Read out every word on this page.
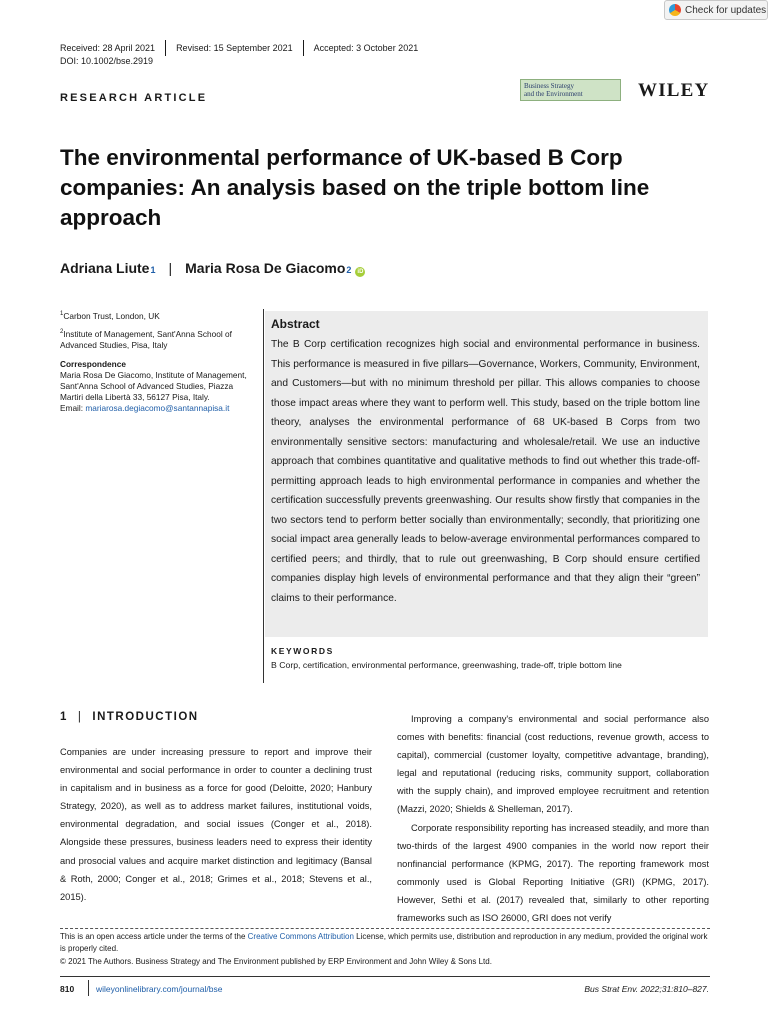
Check for updates
Received: 28 April 2021	Revised: 15 September 2021	Accepted: 3 October 2021
DOI: 10.1002/bse.2919
RESEARCH ARTICLE
Business Strategy
and the Environment	WILEY
The environmental performance of UK-based B Corp companies: An analysis based on the triple bottom line approach
Adriana Liute 1 | Maria Rosa De Giacomo 2	iD

$^1$Carbon Trust, London, UK

$^2$Institute of Management, Sant'Anna School of Advanced Studies, Pisa, Italy

Correspondence

Maria Rosa De Giacomo, Institute of Management, Sant'Anna School of Advanced Studies, Piazza Martiri della Libertà 33, 56127 Pisa, Italy.

Email: mariarosa.degiacomo@santannapisa.it

Abstract
The B Corp certification recognizes high social and environmental performance in business. This performance is measured in five pillars—Governance, Workers, Community, Environment, and Customers—but with no minimum threshold per pillar. This allows companies to choose those impact areas where they want to perform well. This study, based on the triple bottom line theory, analyses the environmental performance of 68 UK-based B Corps from two environmentally sensitive sectors: manufacturing and wholesale/retail. We use an inductive approach that combines quantitative and qualitative methods to find out whether this trade-off-permitting approach leads to high environmental performance in companies and whether the certification successfully prevents greenwashing. Our results show firstly that companies in the two sectors tend to perform better socially than environmentally; secondly, that prioritizing one social impact area generally leads to below-average environmental performances compared to certified peers; and thirdly, that to rule out greenwashing, B Corp should ensure certified companies display high levels of environmental performance and that they align their “green” claims to their performance.
KEYWORDS
B Corp, certification, environmental performance, greenwashing, trade-off, triple bottom line
1 | INTRODUCTION

Companies are under increasing pressure to report and improve their environmental and social performance in order to counter a declining trust in capitalism and in business as a force for good (Deloitte, 2020; Hanbury Strategy, 2020), as well as to address market failures, institutional voids, environmental degradation, and social issues (Conger et al., 2018). Alongside these pressures, business leaders need to express their identity and prosocial values and acquire market distinction and legitimacy (Bansal & Roth, 2000; Conger et al., 2018; Grimes et al., 2018; Stevens et al., 2015).

Improving a company's environmental and social performance also comes with benefits: financial (cost reductions, revenue growth, access to capital), commercial (customer loyalty, competitive advantage, branding), legal and reputational (reducing risks, community support, collaboration with the supply chain), and improved employee recruitment and retention (Mazzi, 2020; Shields & Shelleman, 2017).

Corporate responsibility reporting has increased steadily, and more than two-thirds of the largest 4900 companies in the world now report their nonfinancial performance (KPMG, 2017). The reporting framework most commonly used is Global Reporting Initiative (GRI) (KPMG, 2017). However, Sethi et al. (2017) revealed that, similarly to other reporting frameworks such as ISO 26000, GRI does not verify

This is an open access article under the terms of the Creative Commons Attribution License, which permits use, distribution and reproduction in any medium, provided the original work is properly cited.
© 2021 The Authors. Business Strategy and The Environment published by ERP Environment and John Wiley & Sons Ltd.
810	wileyonlinelibrary.com/journal/bse	Bus Strat Env. 2022;31:810–827.
